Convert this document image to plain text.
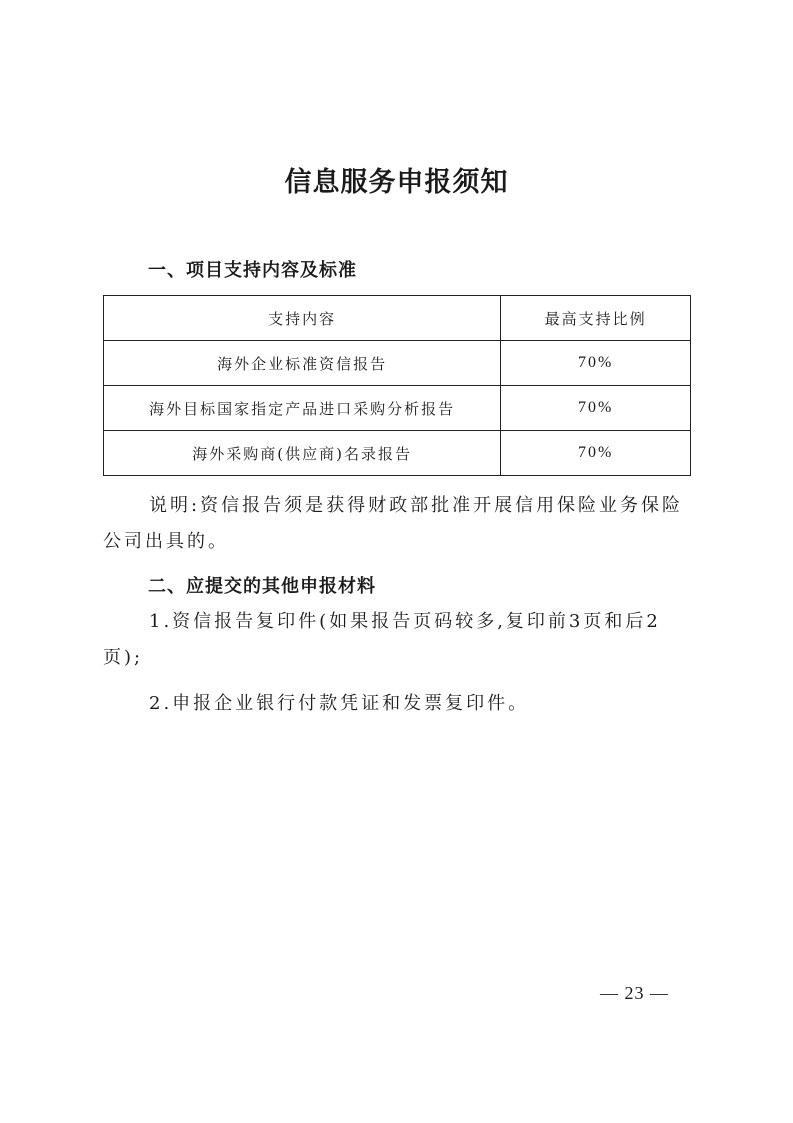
信息服务申报须知
一、项目支持内容及标准
支持内容	最高支持比例
海外企业标准资信报告	70%
海外目标国家指定产品进口采购分析报告	70%
海外采购商(供应商)名录报告	70%

说明:资信报告须是获得财政部批准开展信用保险业务保险公司出具的。

二、应提交的其他申报材料

1.资信报告复印件(如果报告页码较多,复印前3页和后2页);

2.申报企业银行付款凭证和发票复印件。

— 23 —
